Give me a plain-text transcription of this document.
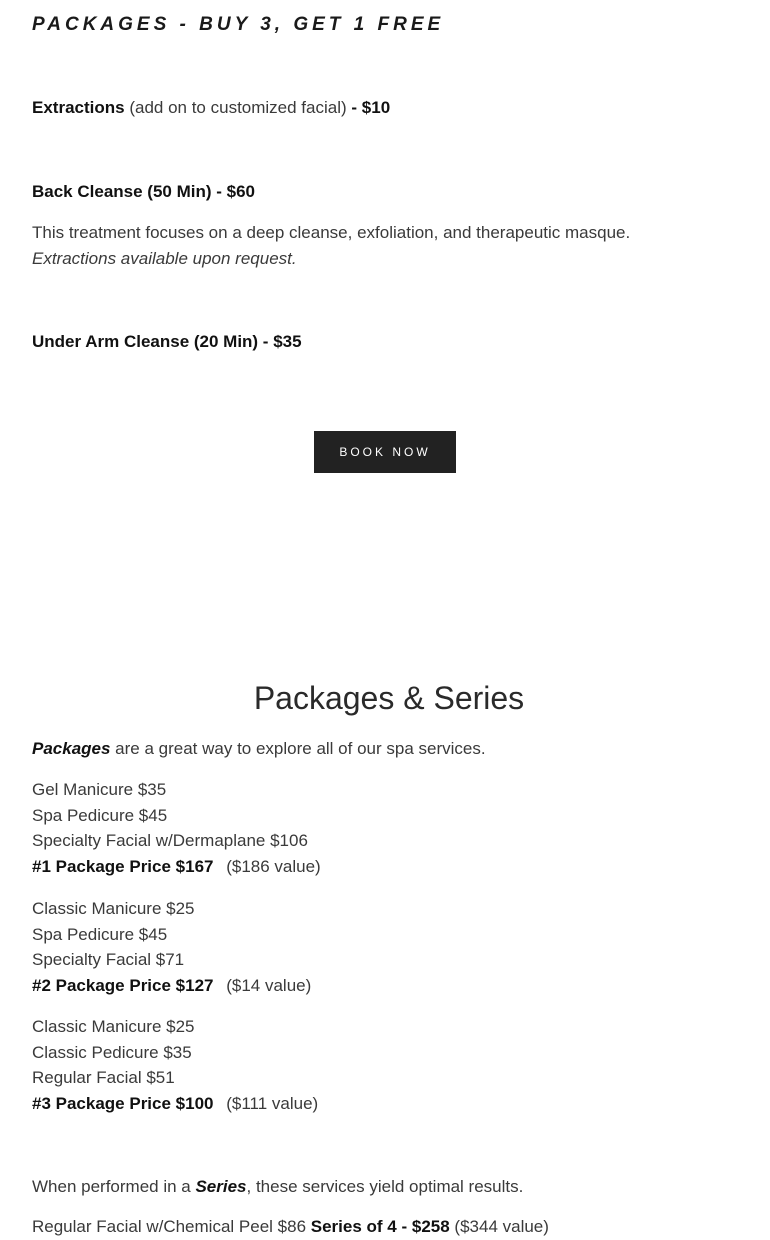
PACKAGES - BUY 3, GET 1 FREE
Extractions (add on to customized facial) - $10
Back Cleanse (50 Min) - $60
This treatment focuses on a deep cleanse, exfoliation, and therapeutic masque. Extractions available upon request.
Under Arm Cleanse (20 Min) - $35
BOOK NOW
Packages & Series
Packages are a great way to explore all of our spa services.
Gel Manicure $35
Spa Pedicure $45
Specialty Facial w/Dermaplane $106
#1 Package Price $167 ($186 value)
Classic Manicure $25
Spa Pedicure $45
Specialty Facial $71
#2 Package Price $127 ($14 value)
Classic Manicure $25
Classic Pedicure $35
Regular Facial $51
#3 Package Price $100 ($111 value)
When performed in a Series, these services yield optimal results.
Regular Facial w/Chemical Peel $86 Series of 4 - $258 ($344 value)
